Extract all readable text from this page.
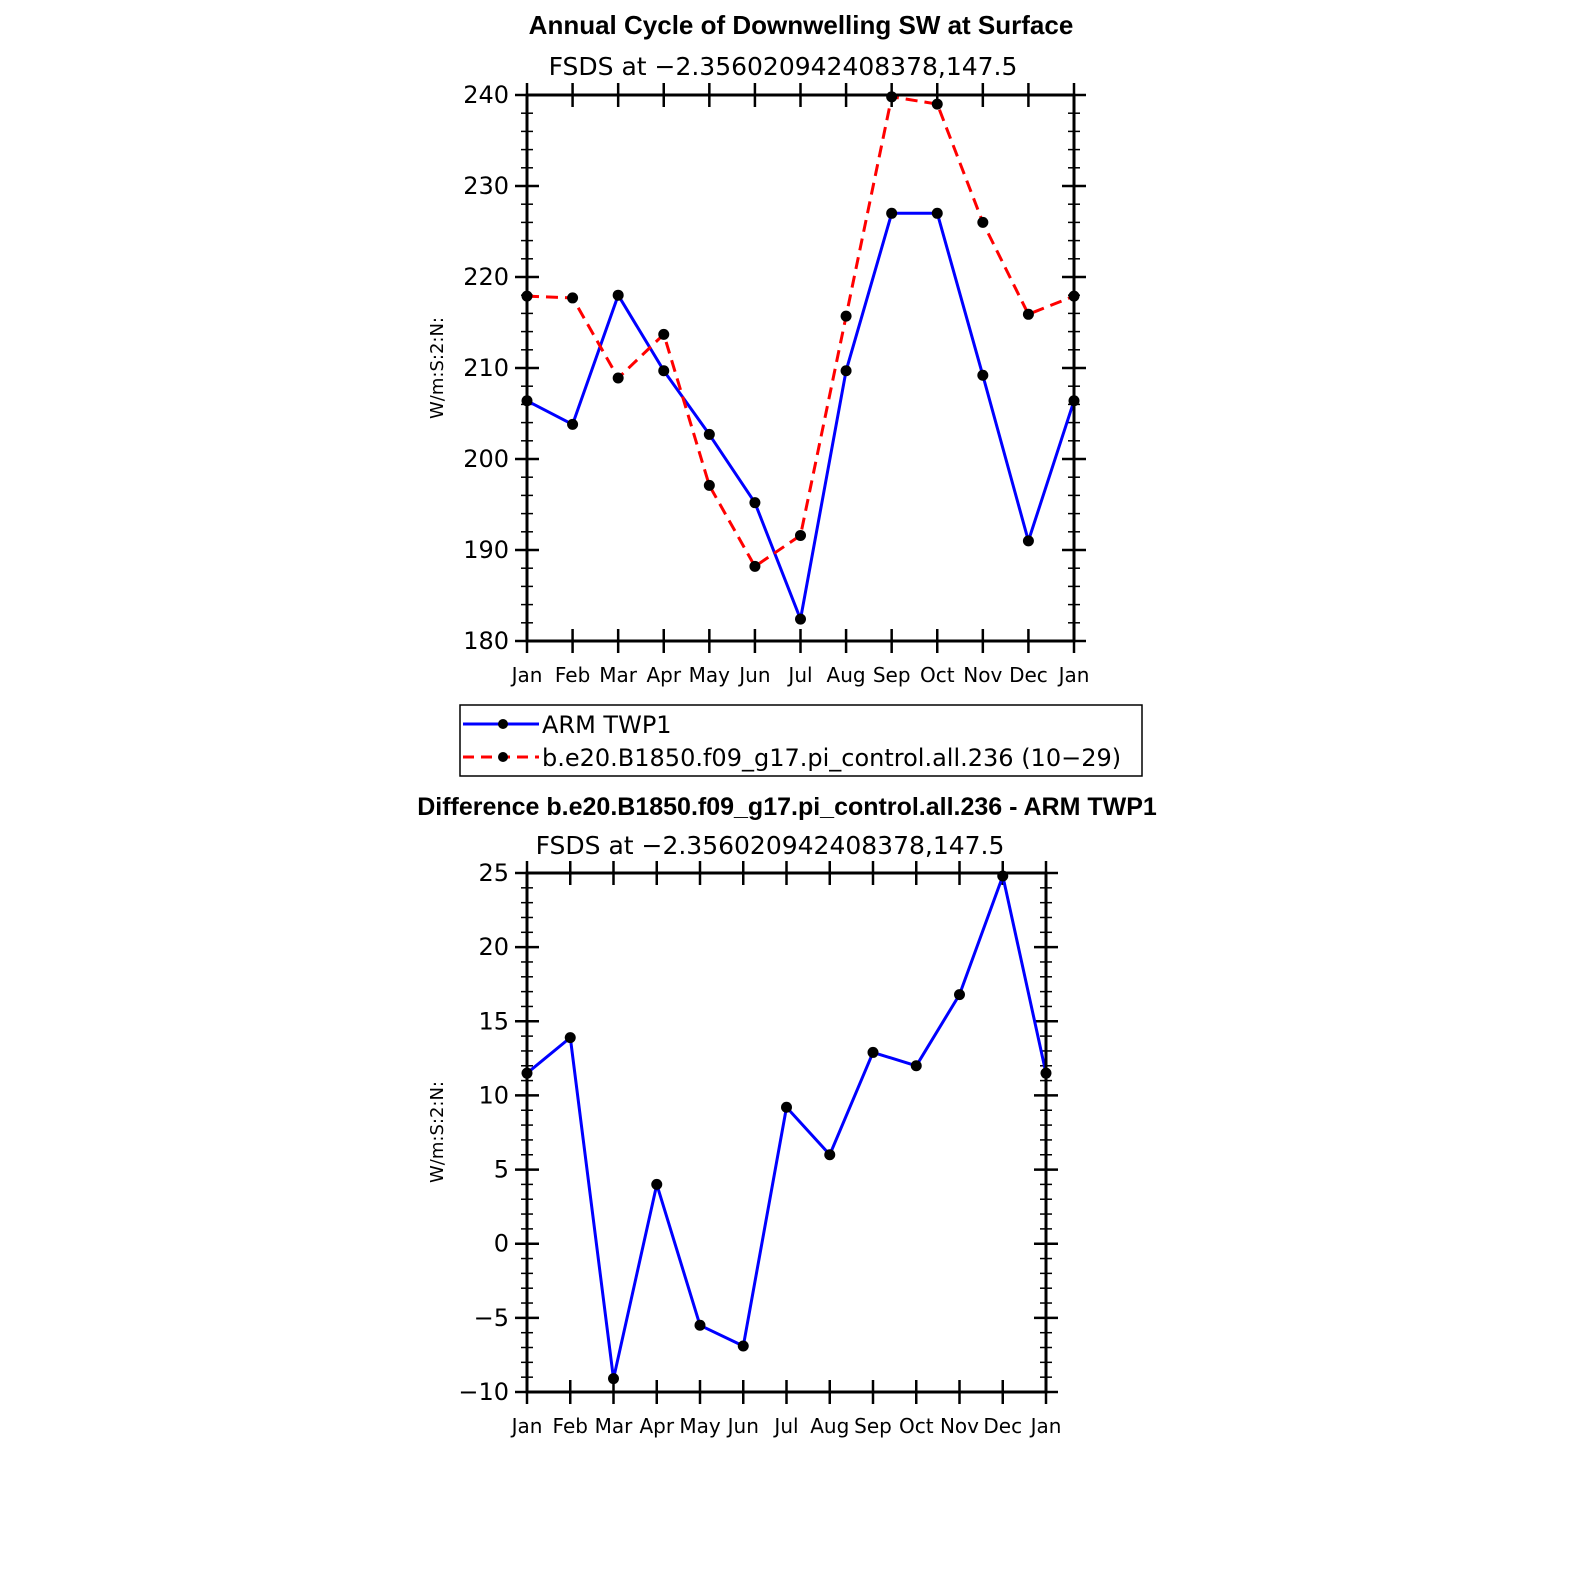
Annual Cycle of Downwelling SW at Surface
FSDS at −2.356020942408378,147.5
W/m:S:2:N:
180
190
200
210
220
230
240
Jan Feb Mar Apr May Jun Jul Aug Sep Oct Nov Dec Jan
ARM TWP1
b.e20.B1850.f09_g17.pi_control.all.236 (10−29)
Difference b.e20.B1850.f09_g17.pi_control.all.236 - ARM TWP1
FSDS at −2.356020942408378,147.5
W/m:S:2:N:
−10
−5
0
5
10
15
20
25
Jan Feb Mar Apr May Jun Jul Aug Sep Oct Nov Dec Jan
